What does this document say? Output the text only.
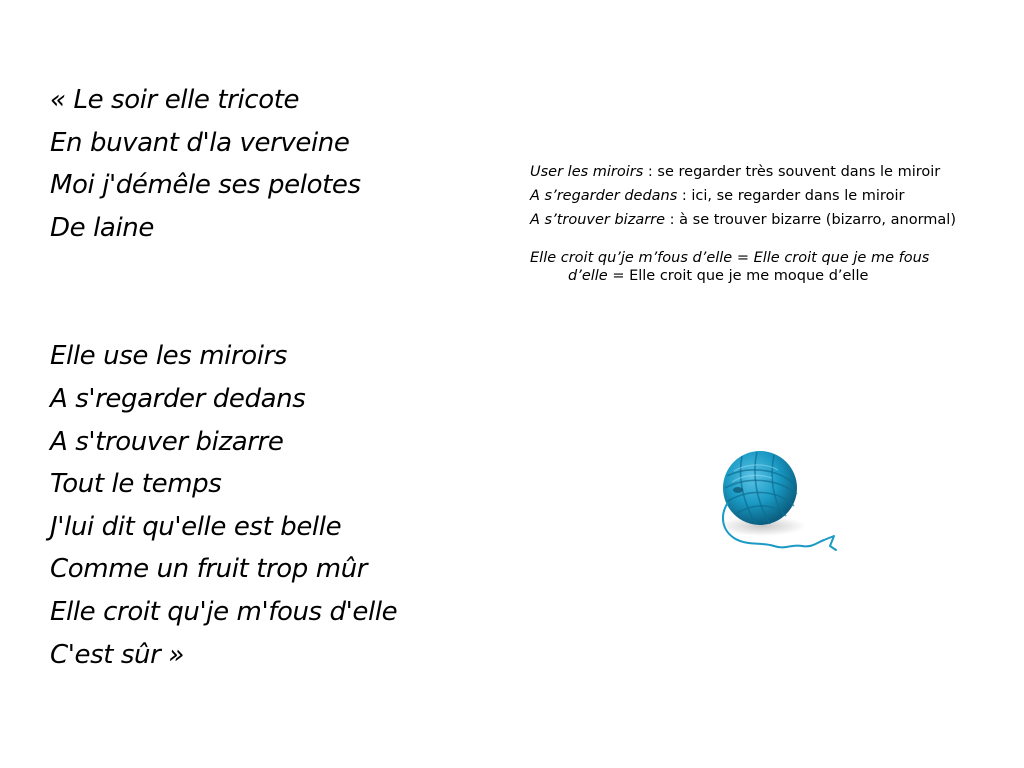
« Le soir elle tricote
En buvant d'la verveine
Moi j'démêle ses pelotes
De laine
Elle use les miroirs
A s'regarder dedans
A s'trouver bizarre
Tout le temps
J'lui dit qu'elle est belle
Comme un fruit trop mûr
Elle croit qu'je m'fous d'elle
C'est sûr »

User les miroirs : se regarder très souvent dans le miroir

A s’regarder dedans : ici, se regarder dans le miroir

A s’trouver bizarre : à se trouver bizarre (bizarro, anormal)

Elle croit qu’je m’fous d’elle = Elle croit que je me fous d’elle = Elle croit que je me moque d’elle
